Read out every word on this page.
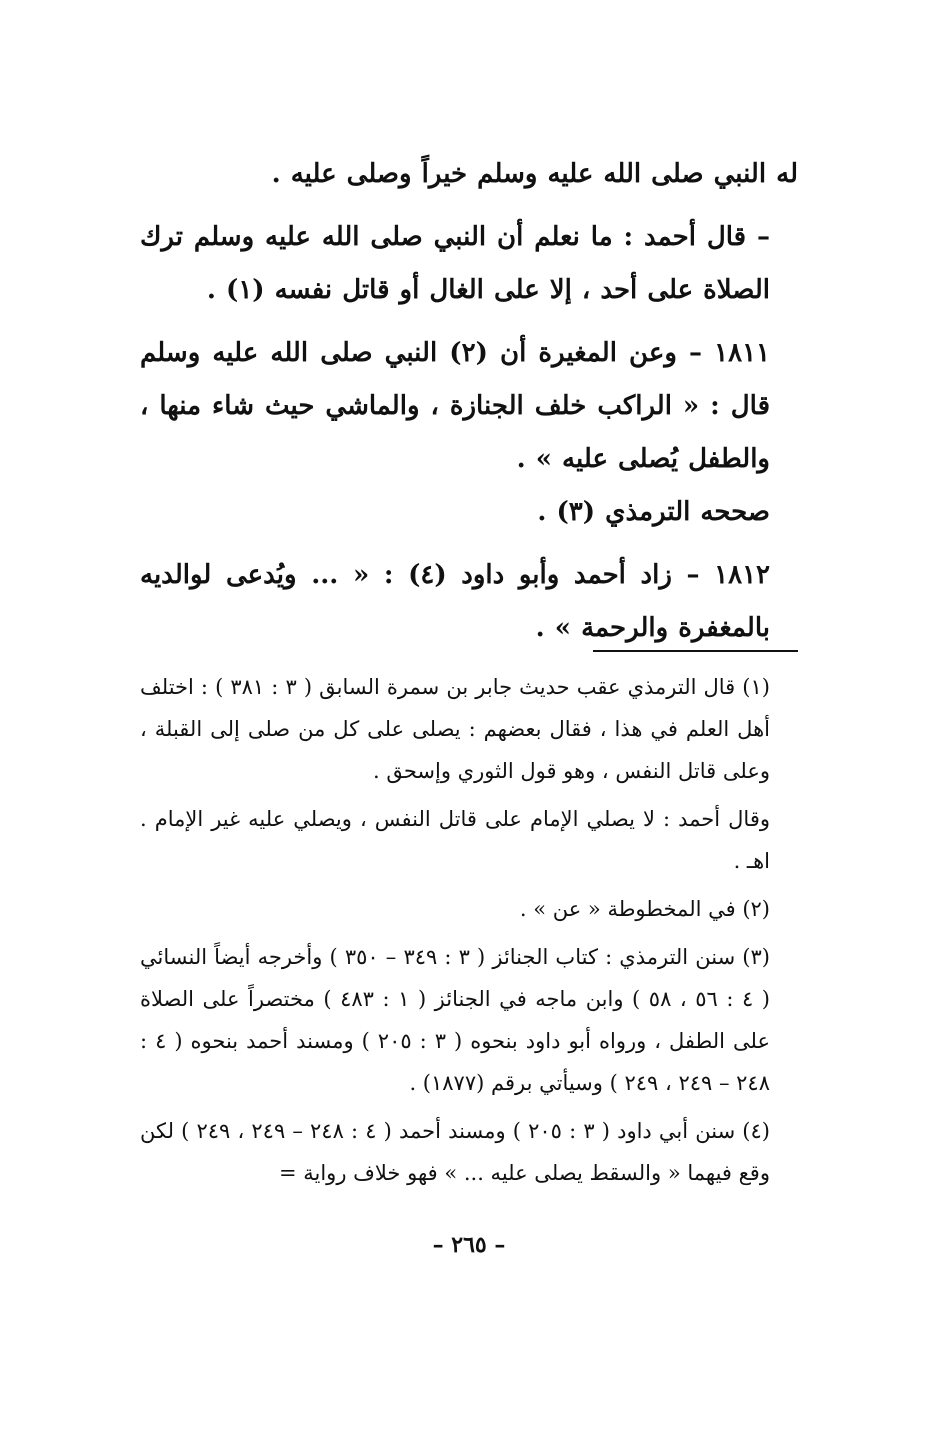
له النبي صلى الله عليه وسلم خيراً وصلى عليه .

– قال أحمد : ما نعلم أن النبي صلى الله عليه وسلم ترك الصلاة على أحد ، إلا على الغال أو قاتل نفسه (١) .

١٨١١ – وعن المغيرة أن (٢) النبي صلى الله عليه وسلم قال : « الراكب خلف الجنازة ، والماشي حيث شاء منها ، والطفل يُصلى عليه » .

صححه الترمذي (٣) .

١٨١٢ – زاد أحمد وأبو داود (٤) : « ... ويُدعى لوالديه بالمغفرة والرحمة » .

(١) قال الترمذي عقب حديث جابر بن سمرة السابق ( ٣ : ٣٨١ ) : اختلف أهل العلم في هذا ، فقال بعضهم : يصلى على كل من صلى إلى القبلة ، وعلى قاتل النفس ، وهو قول الثوري وإسحق .

وقال أحمد : لا يصلي الإمام على قاتل النفس ، ويصلي عليه غير الإمام . اهـ .

(٢) في المخطوطة « عن » .

(٣) سنن الترمذي : كتاب الجنائز ( ٣ : ٣٤٩ – ٣٥٠ ) وأخرجه أيضاً النسائي ( ٤ : ٥٦ ، ٥٨ ) وابن ماجه في الجنائز ( ١ : ٤٨٣ ) مختصراً على الصلاة على الطفل ، ورواه أبو داود بنحوه ( ٣ : ٢٠٥ ) ومسند أحمد بنحوه ( ٤ : ٢٤٨ – ٢٤٩ ، ٢٤٩ ) وسيأتي برقم (١٨٧٧) .

(٤) سنن أبي داود ( ٣ : ٢٠٥ ) ومسند أحمد ( ٤ : ٢٤٨ – ٢٤٩ ، ٢٤٩ ) لكن وقع فيهما « والسقط يصلى عليه ... » فهو خلاف رواية =

– ٢٦٥ –
